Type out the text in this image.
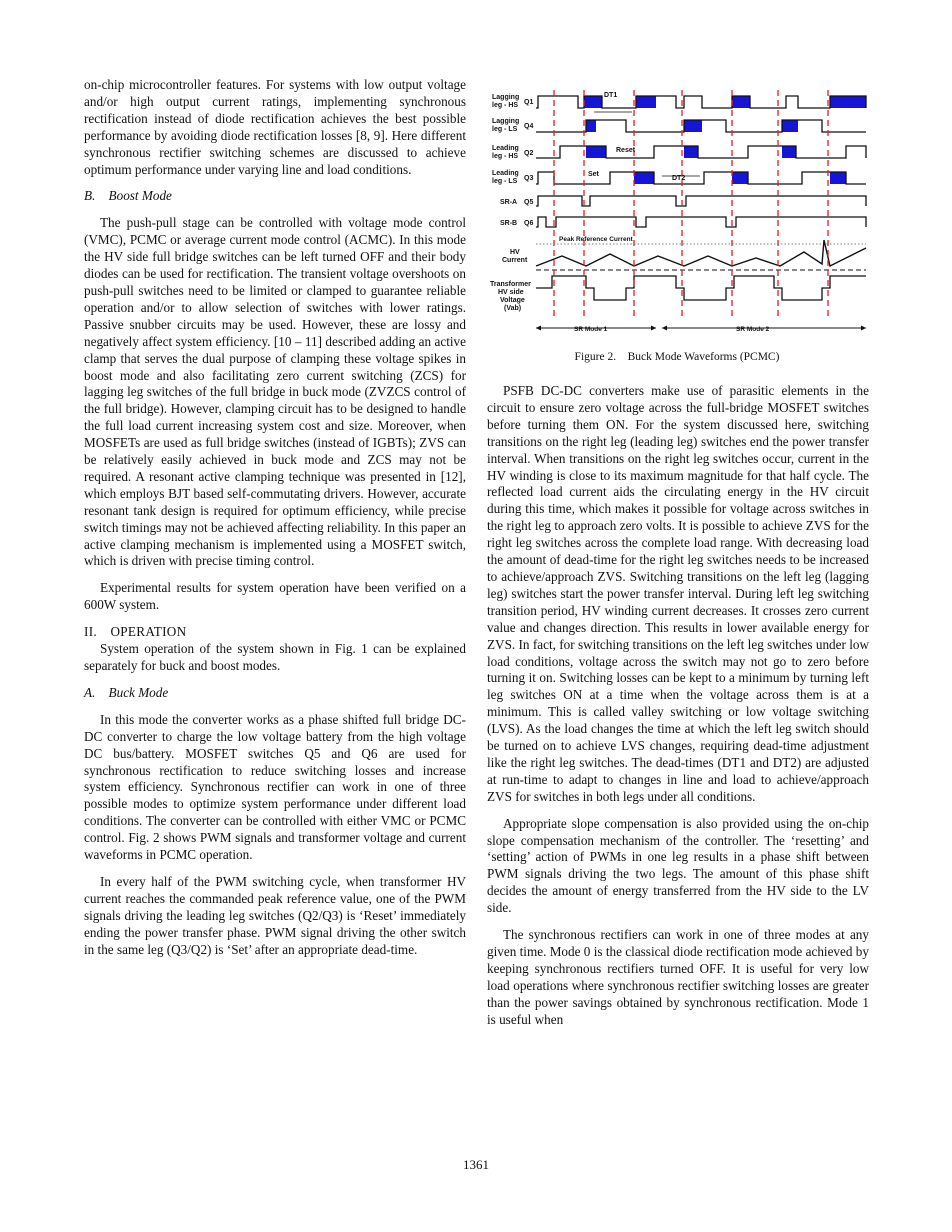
on-chip microcontroller features. For systems with low output voltage and/or high output current ratings, implementing synchronous rectification instead of diode rectification achieves the best possible performance by avoiding diode rectification losses [8, 9]. Here different synchronous rectifier switching schemes are discussed to achieve optimum performance under varying line and load conditions.

B. Boost Mode

The push-pull stage can be controlled with voltage mode control (VMC), PCMC or average current mode control (ACMC). In this mode the HV side full bridge switches can be left turned OFF and their body diodes can be used for rectification. The transient voltage overshoots on push-pull switches need to be limited or clamped to guarantee reliable operation and/or to allow selection of switches with lower ratings. Passive snubber circuits may be used. However, these are lossy and negatively affect system efficiency. [10 – 11] described adding an active clamp that serves the dual purpose of clamping these voltage spikes in boost mode and also facilitating zero current switching (ZCS) for lagging leg switches of the full bridge in buck mode (ZVZCS control of the full bridge). However, clamping circuit has to be designed to handle the full load current increasing system cost and size. Moreover, when MOSFETs are used as full bridge switches (instead of IGBTs); ZVS can be relatively easily achieved in buck mode and ZCS may not be required. A resonant active clamping technique was presented in [12], which employs BJT based self-commutating drivers. However, accurate resonant tank design is required for optimum efficiency, while precise switch timings may not be achieved affecting reliability. In this paper an active clamping mechanism is implemented using a MOSFET switch, which is driven with precise timing control.

Experimental results for system operation have been verified on a 600W system.

II. OPERATION

System operation of the system shown in Fig. 1 can be explained separately for buck and boost modes.

A. Buck Mode

In this mode the converter works as a phase shifted full bridge DC-DC converter to charge the low voltage battery from the high voltage DC bus/battery. MOSFET switches Q5 and Q6 are used for synchronous rectification to reduce switching losses and increase system efficiency. Synchronous rectifier can work in one of three possible modes to optimize system performance under different load conditions. The converter can be controlled with either VMC or PCMC control. Fig. 2 shows PWM signals and transformer voltage and current waveforms in PCMC operation.

In every half of the PWM switching cycle, when transformer HV current reaches the commanded peak reference value, one of the PWM signals driving the leading leg switches (Q2/Q3) is ‘Reset’ immediately ending the power transfer phase. PWM signal driving the other switch in the same leg (Q3/Q2) is ‘Set’ after an appropriate dead-time.

Lagging
leg - HS Q1
Lagging
leg - LS Q4
Leading
leg - HS Q2
Leading
leg - LS Q3
SR-A Q5
SR-B Q6
HV
Current
Transformer
HV side
Voltage
(Vab)
DT1
DT2
Reset
Set
Peak Reference Current
SR Mode 1	SR Mode 2
Figure 2. Buck Mode Waveforms (PCMC)

PSFB DC-DC converters make use of parasitic elements in the circuit to ensure zero voltage across the full-bridge MOSFET switches before turning them ON. For the system discussed here, switching transitions on the right leg (leading leg) switches end the power transfer interval. When transitions on the right leg switches occur, current in the HV winding is close to its maximum magnitude for that half cycle. The reflected load current aids the circulating energy in the HV circuit during this time, which makes it possible for voltage across switches in the right leg to approach zero volts. It is possible to achieve ZVS for the right leg switches across the complete load range. With decreasing load the amount of dead-time for the right leg switches needs to be increased to achieve/approach ZVS. Switching transitions on the left leg (lagging leg) switches start the power transfer interval. During left leg switching transition period, HV winding current decreases. It crosses zero current value and changes direction. This results in lower available energy for ZVS. In fact, for switching transitions on the left leg switches under low load conditions, voltage across the switch may not go to zero before turning it on. Switching losses can be kept to a minimum by turning left leg switches ON at a time when the voltage across them is at a minimum. This is called valley switching or low voltage switching (LVS). As the load changes the time at which the left leg switch should be turned on to achieve LVS changes, requiring dead-time adjustment like the right leg switches. The dead-times (DT1 and DT2) are adjusted at run-time to adapt to changes in line and load to achieve/approach ZVS for switches in both legs under all conditions.

Appropriate slope compensation is also provided using the on-chip slope compensation mechanism of the controller. The ‘resetting’ and ‘setting’ action of PWMs in one leg results in a phase shift between PWM signals driving the two legs. The amount of this phase shift decides the amount of energy transferred from the HV side to the LV side.

The synchronous rectifiers can work in one of three modes at any given time. Mode 0 is the classical diode rectification mode achieved by keeping synchronous rectifiers turned OFF. It is useful for very low load operations where synchronous rectifier switching losses are greater than the power savings obtained by synchronous rectification. Mode 1 is useful when

1361
